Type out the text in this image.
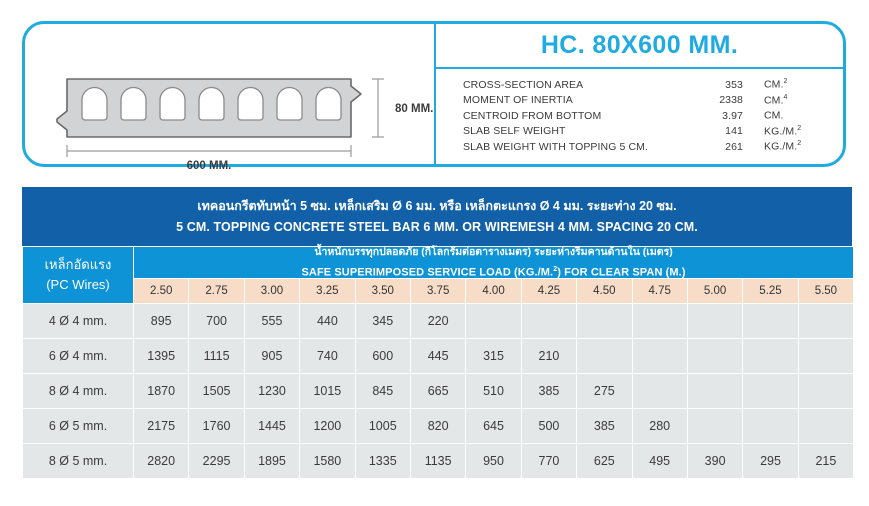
80 MM.
600 MM.
HC. 80X600 MM.
CROSS-SECTION AREA	353	CM.$^2$
MOMENT OF INERTIA	2338	CM.$^4$
CENTROID FROM BOTTOM	3.97	CM.
SLAB SELF WEIGHT	141	KG./M.$^2$
SLAB WEIGHT WITH TOPPING 5 CM.	261	KG./M.$^2$
เทคอนกรีตทับหน้า 5 ซม. เหล็กเสริม Ø 6 มม. หรือ เหล็กตะแกรง Ø 4 มม. ระยะท่าง 20 ซม.
5 CM. TOPPING CONCRETE STEEL BAR 6 MM. OR WIREMESH 4 MM. SPACING 20 CM.
เหล็กอัดแรง
(PC Wires)

น้ำหนักบรรทุกปลอดภัย (กิโลกรัมต่อตารางเมตร) ระยะห่างริมคานด้านใน (เมตร)
SAFE SUPERIMPOSED SERVICE LOAD (KG./M.$^2$) FOR CLEAR SPAN (M.)

	2.50	2.75	3.00	3.25	3.50	3.75	4.00	4.25	4.50	4.75	5.00	5.25	5.50
4 Ø 4 mm.	895	700	555	440	345	220							
6 Ø 4 mm.	1395	1115	905	740	600	445	315	210					
8 Ø 4 mm.	1870	1505	1230	1015	845	665	510	385	275				
6 Ø 5 mm.	2175	1760	1445	1200	1005	820	645	500	385	280			
8 Ø 5 mm.	2820	2295	1895	1580	1335	1135	950	770	625	495	390	295	215
